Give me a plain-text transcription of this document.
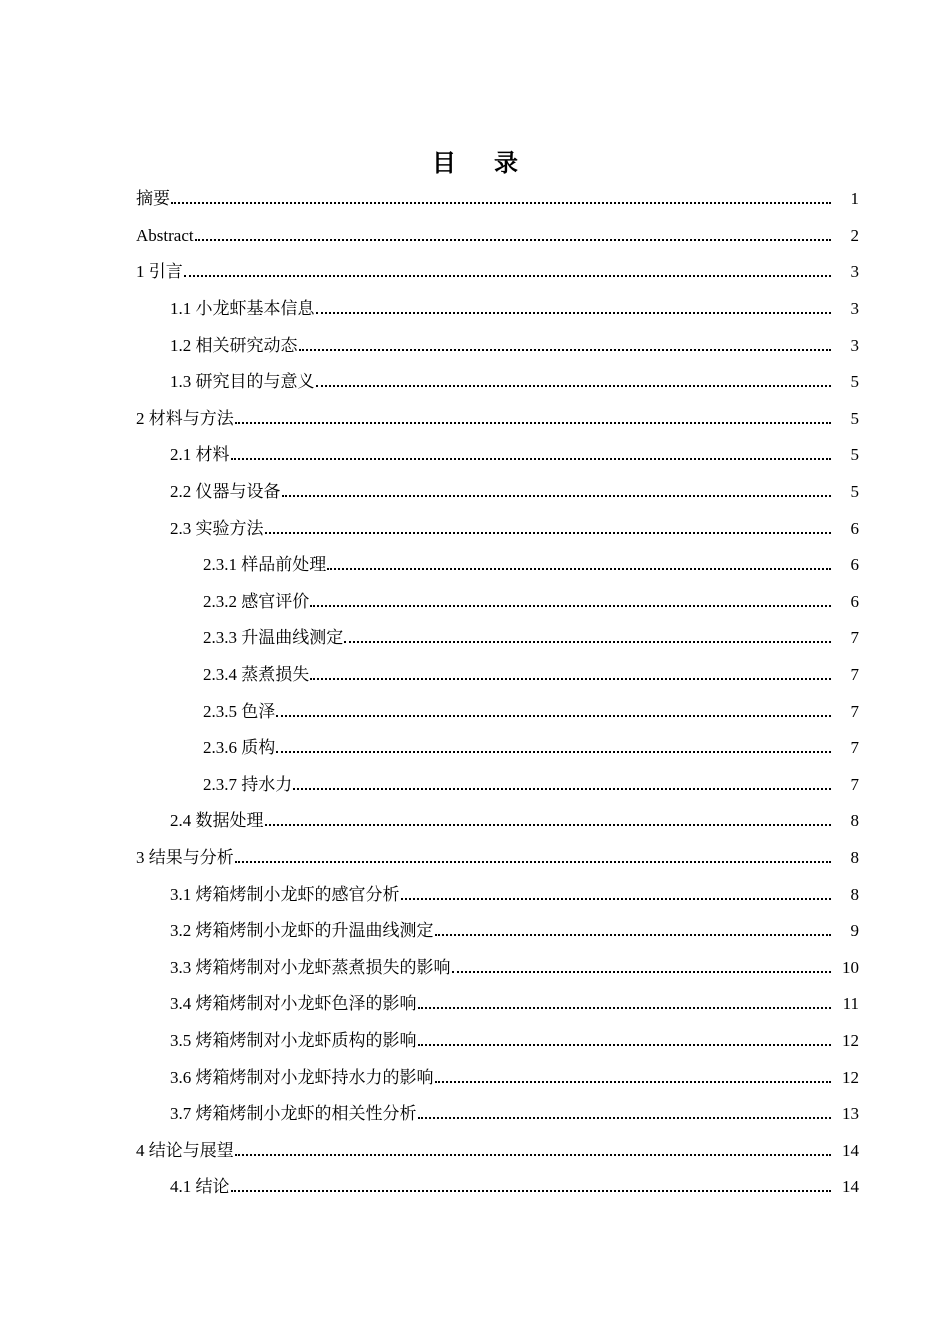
目录
摘要	1
Abstract	2
1 引言	3
1.1 小龙虾基本信息	3
1.2 相关研究动态	3
1.3 研究目的与意义	5
2 材料与方法	5
2.1 材料	5
2.2 仪器与设备	5
2.3 实验方法	6
2.3.1 样品前处理	6
2.3.2 感官评价	6
2.3.3 升温曲线测定	7
2.3.4 蒸煮损失	7
2.3.5 色泽	7
2.3.6 质构	7
2.3.7 持水力	7
2.4 数据处理	8
3 结果与分析	8
3.1 烤箱烤制小龙虾的感官分析	8
3.2 烤箱烤制小龙虾的升温曲线测定	9
3.3 烤箱烤制对小龙虾蒸煮损失的影响	10
3.4 烤箱烤制对小龙虾色泽的影响	11
3.5 烤箱烤制对小龙虾质构的影响	12
3.6 烤箱烤制对小龙虾持水力的影响	12
3.7 烤箱烤制小龙虾的相关性分析	13
4 结论与展望	14
4.1 结论	14
